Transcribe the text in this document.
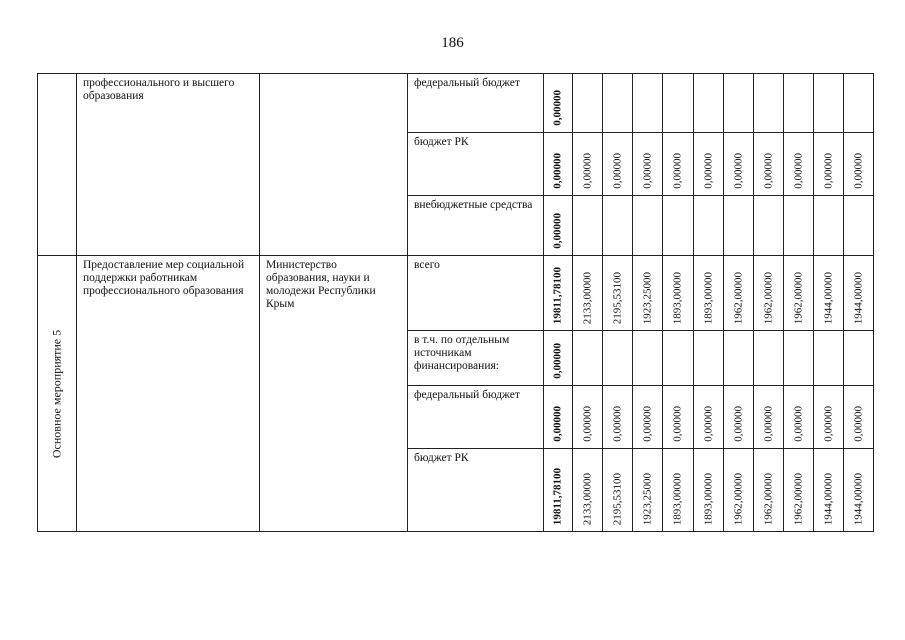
186

	профессионального и высшего образования		федеральный бюджет	0,00000										

			бюджет РК	0,00000	0,00000	0,00000	0,00000	0,00000	0,00000	0,00000	0,00000	0,00000	0,00000	0,00000

			внебюджетные средства	0,00000										

Основное мероприятие 5	Предоставление мер социальной поддержки работникам профессионального образования	Министерство образования, науки и молодежи Республики Крым	всего	19811,78100	2133,00000	2195,53100	1923,25000	1893,00000	1893,00000	1962,00000	1962,00000	1962,00000	1944,00000	1944,00000

			в т.ч. по отдельным источникам финансирования:	0,00000										

			федеральный бюджет	0,00000	0,00000	0,00000	0,00000	0,00000	0,00000	0,00000	0,00000	0,00000	0,00000	0,00000

			бюджет РК	19811,78100	2133,00000	2195,53100	1923,25000	1893,00000	1893,00000	1962,00000	1962,00000	1962,00000	1944,00000	1944,00000
